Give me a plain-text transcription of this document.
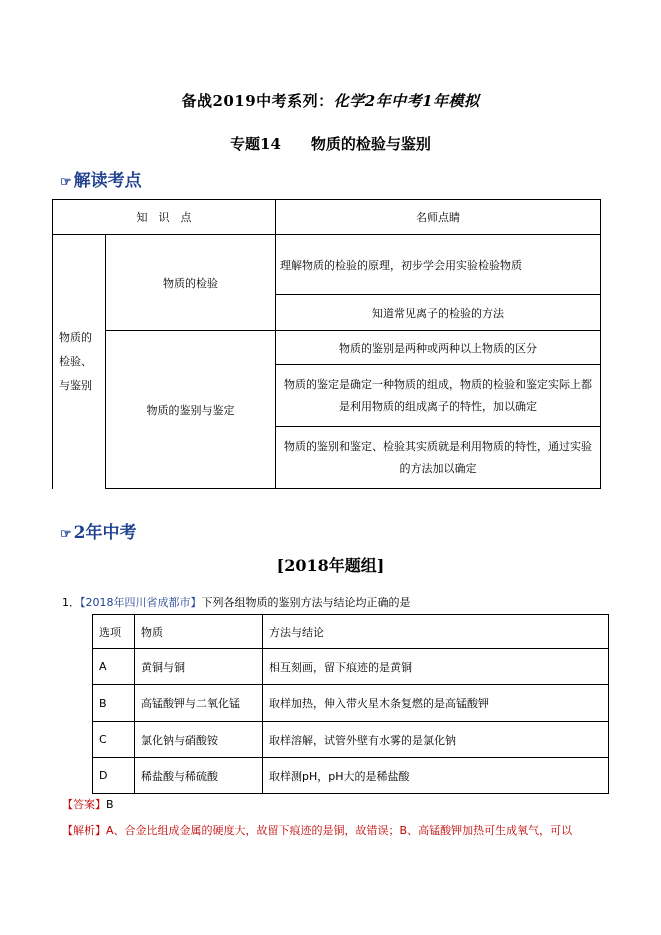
备战2019中考系列：化学2年中考1年模拟
专题14 物质的检验与鉴别
☞ 解读考点
知　识　点		名师点睛
物质的检验、与鉴别	物质的检验	理解物质的检验的原理，初步学会用实验检验物质
		知道常见离子的检验的方法
	物质的鉴别与鉴定	物质的鉴别是两种或两种以上物质的区分
		物质的鉴定是确定一种物质的组成，物质的检验和鉴定实际上都是利用物质的组成离子的特性，加以确定
		物质的鉴别和鉴定、检验其实质就是利用物质的特性，通过实验的方法加以确定
☞ 2年中考
[2018年题组]
1．【2018年四川省成都市】下列各组物质的鉴别方法与结论均正确的是
选项	物质	方法与结论
A	黄铜与铜	相互刻画，留下痕迹的是黄铜
B	高锰酸钾与二氧化锰	取样加热，伸入带火星木条复燃的是高锰酸钾
C	氯化钠与硝酸铵	取样溶解，试管外壁有水雾的是氯化钠
D	稀盐酸与稀硫酸	取样测pH，pH大的是稀盐酸
【答案】B
【解析】A、合金比组成金属的硬度大，故留下痕迹的是铜，故错误；B、高锰酸钾加热可生成氧气，可以
